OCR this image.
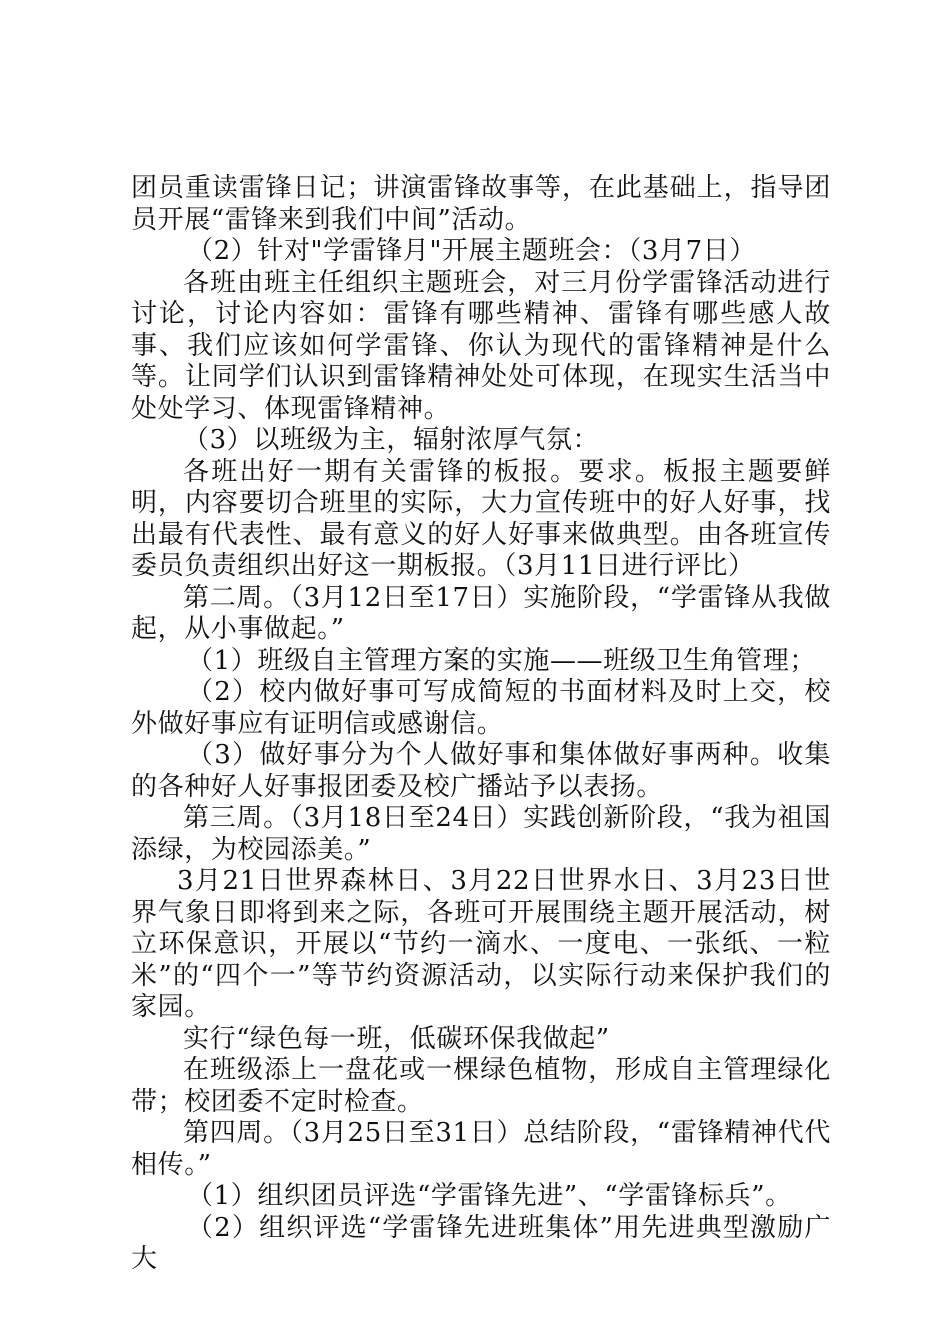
团员重读雷锋日记；讲演雷锋故事等，在此基础上，指导团员开展“雷锋来到我们中间”活动。

（2）针对"学雷锋月"开展主题班会：（3月7日）

各班由班主任组织主题班会，对三月份学雷锋活动进行讨论，讨论内容如：雷锋有哪些精神、雷锋有哪些感人故事、我们应该如何学雷锋、你认为现代的雷锋精神是什么等。让同学们认识到雷锋精神处处可体现，在现实生活当中处处学习、体现雷锋精神。

（3）以班级为主，辐射浓厚气氛：

各班出好一期有关雷锋的板报。要求。板报主题要鲜明，内容要切合班里的实际，大力宣传班中的好人好事，找出最有代表性、最有意义的好人好事来做典型。由各班宣传委员负责组织出好这一期板报。（3月11日进行评比）

第二周。（3月12日至17日）实施阶段，“学雷锋从我做起，从小事做起。”

（1）班级自主管理方案的实施——班级卫生角管理；

（2）校内做好事可写成简短的书面材料及时上交，校外做好事应有证明信或感谢信。

（3）做好事分为个人做好事和集体做好事两种。收集的各种好人好事报团委及校广播站予以表扬。

第三周。（3月18日至24日）实践创新阶段，“我为祖国添绿，为校园添美。”

3月21日世界森林日、3月22日世界水日、3月23日世界气象日即将到来之际，各班可开展围绕主题开展活动，树立环保意识，开展以“节约一滴水、一度电、一张纸、一粒米”的“四个一”等节约资源活动，以实际行动来保护我们的家园。

实行“绿色每一班，低碳环保我做起”

在班级添上一盘花或一棵绿色植物，形成自主管理绿化带；校团委不定时检查。

第四周。（3月25日至31日）总结阶段，“雷锋精神代代相传。”

（1）组织团员评选“学雷锋先进”、“学雷锋标兵”。

（2）组织评选“学雷锋先进班集体”用先进典型激励广大
